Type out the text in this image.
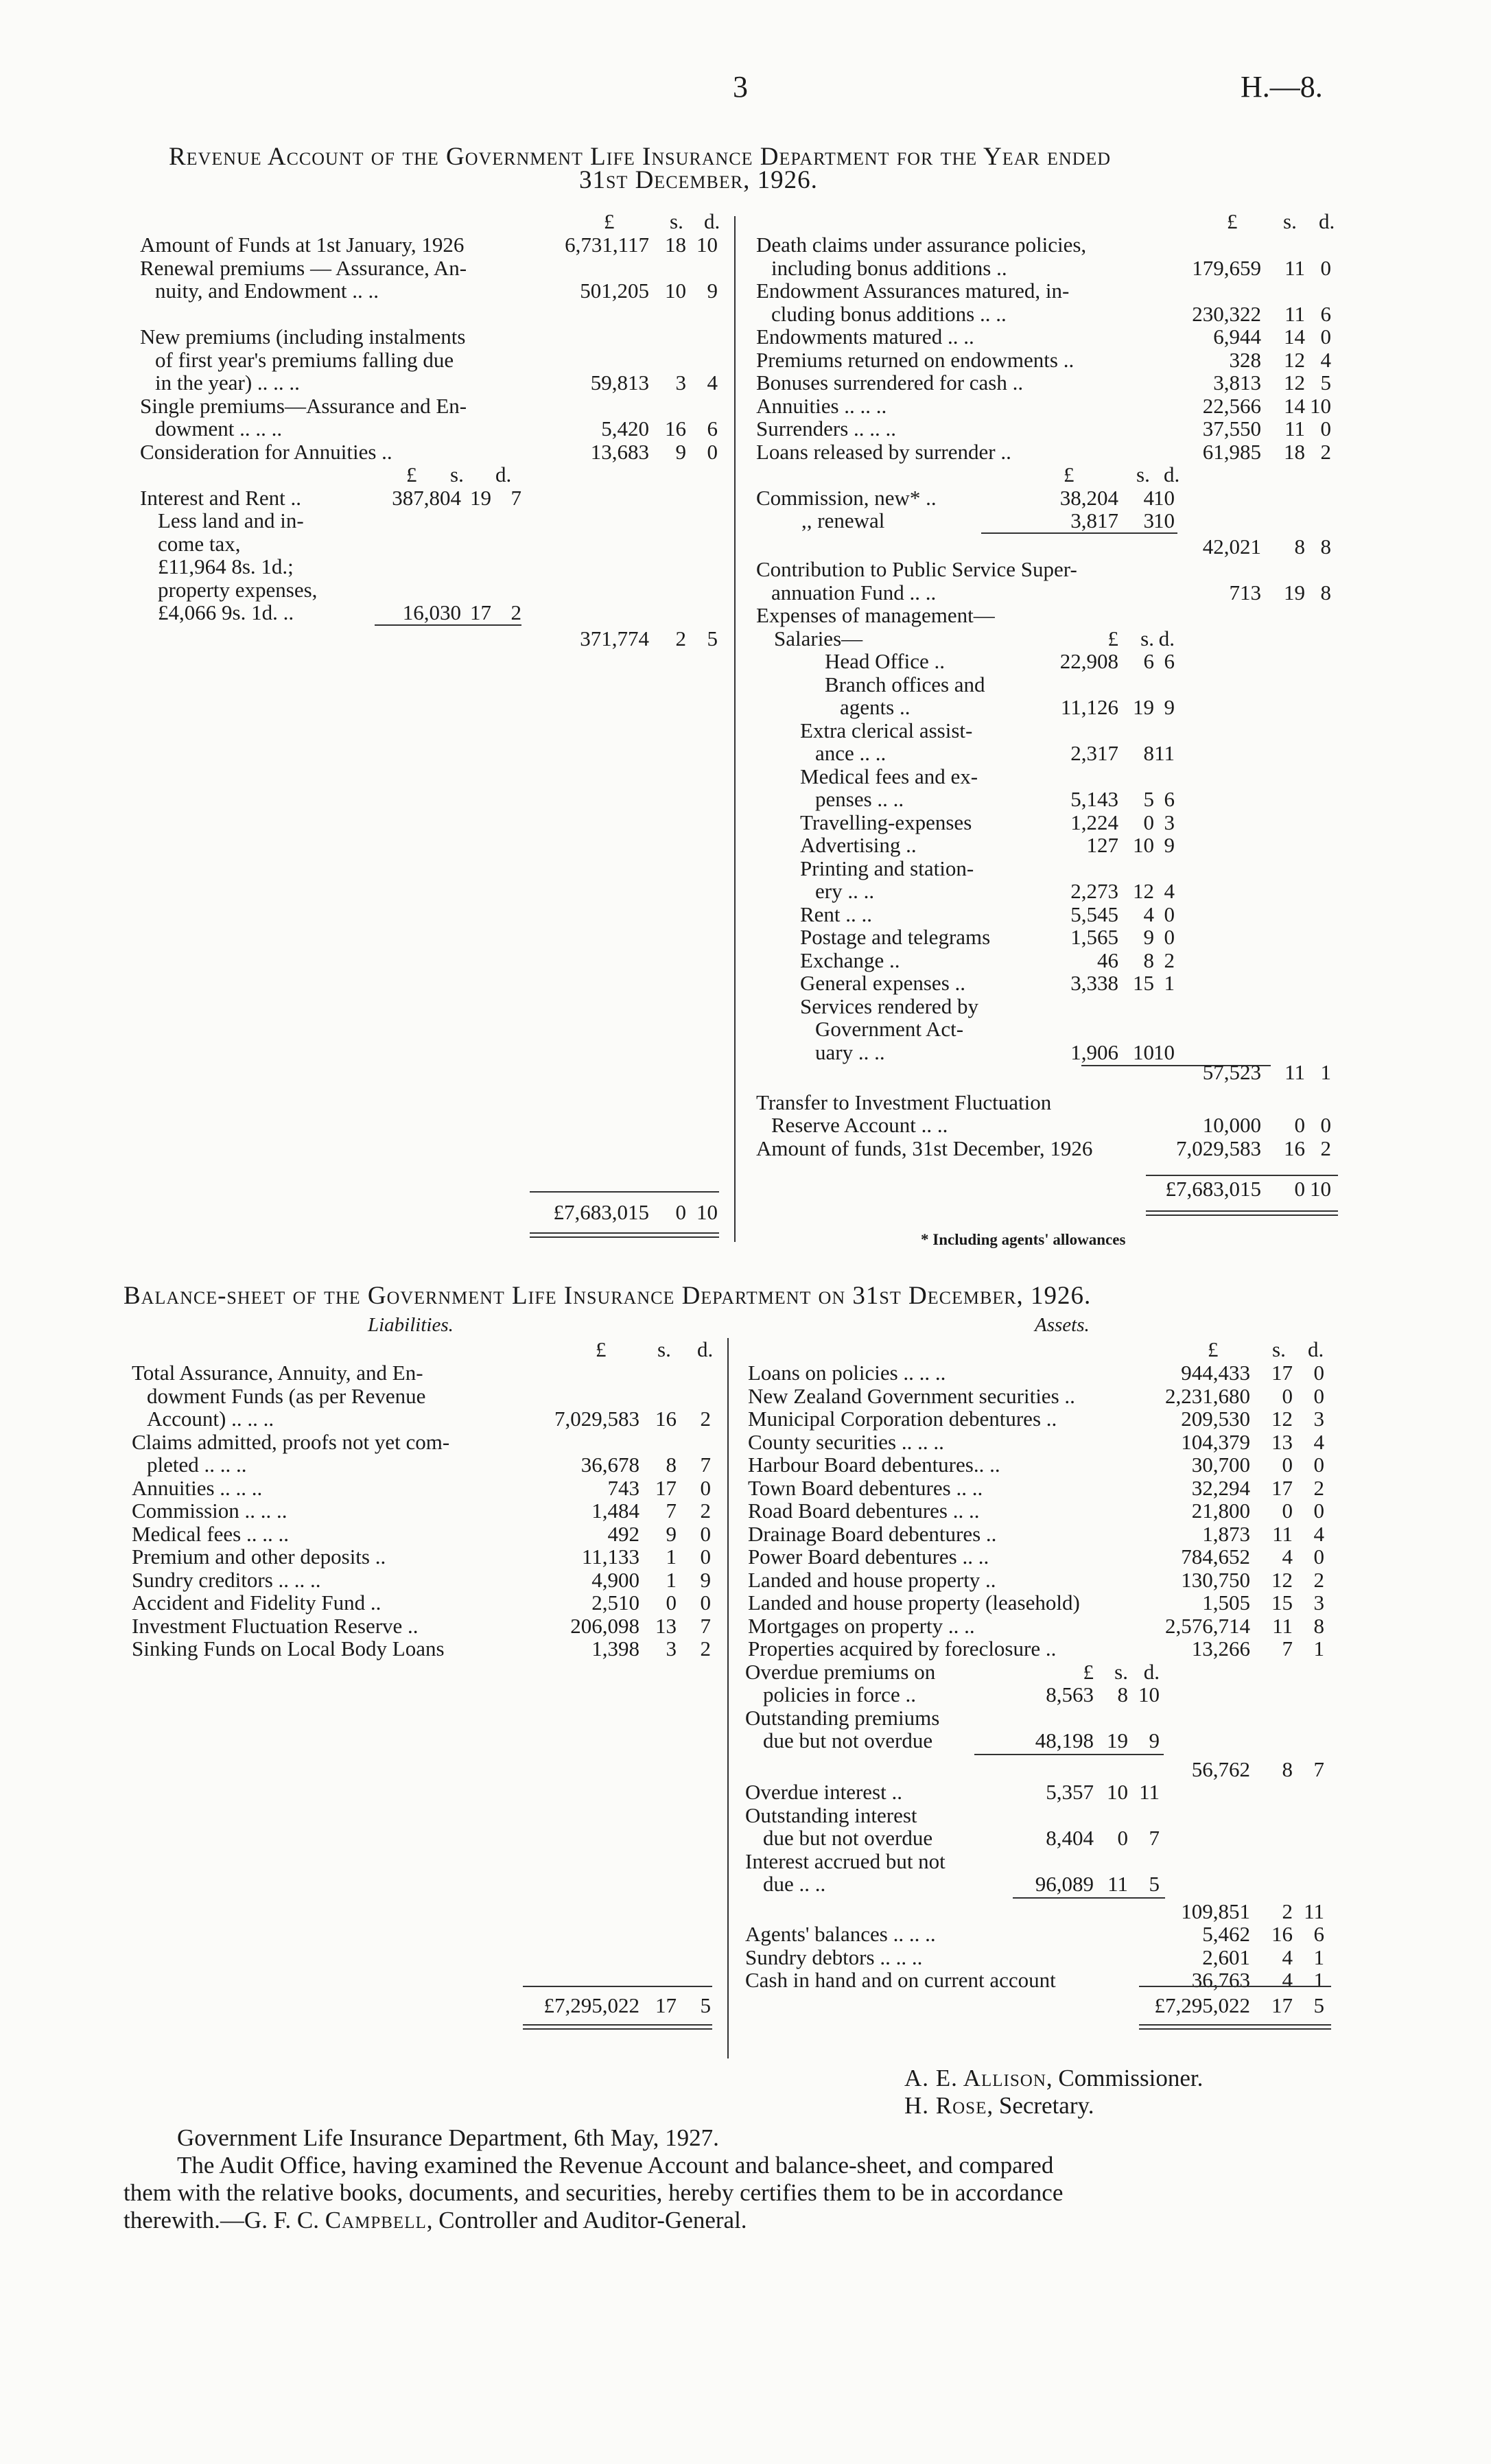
3	H.—8.
Revenue Account of the Government Life Insurance Department for the Year ended
31st December, 1926.
£	s. d.	£ s. d.
Amount of Funds at 1st January, 1926	6,731,117 18 10
Renewal premiums — Assurance, An-
nuity, and Endowment .. ..	501,205 10 9
New premiums (including instalments
of first year's premiums falling due
in the year) .. .. ..	59,813 3 4
Single premiums—Assurance and En-
dowment .. .. ..	5,420 16 6
Consideration for Annuities ..	13,683 9 0
£ s. d.
Interest and Rent ..	387,804 19 7
Less land and in-
come tax,
£11,964 8s. 1d.;
property expenses,
£4,066 9s. 1d. ..	16,030 17 2
371,774 2 5
£7,683,015 0 10
Death claims under assurance policies,
including bonus additions ..	179,659 11 0
Endowment Assurances matured, in-
cluding bonus additions .. ..	230,322 11 6
Endowments matured .. ..	6,944 14 0
Premiums returned on endowments ..	328 12 4
Bonuses surrendered for cash ..	3,813 12 5
Annuities .. .. ..	22,566 14 10
Surrenders .. .. ..	37,550 11 0
Loans released by surrender ..	61,985 18 2
£	s. d.
Commission, new* ..	38,204 4 10
,, renewal	3,817 3 10
42,021 8 8
Contribution to Public Service Super-
annuation Fund .. ..	713 19 8
Expenses of management—
Salaries—	£ s. d.
Head Office ..	22,908 6 6
Branch offices and
agents ..	11,126 19 9
Extra clerical assist-
ance .. ..	2,317 8 11
Medical fees and ex-
penses .. ..	5,143 5 6
Travelling-expenses	1,224 0 3
Advertising ..	127 10 9
Printing and station-
ery .. ..	2,273 12 4
Rent .. ..	5,545 4 0
Postage and telegrams	1,565 9 0
Exchange ..	46 8 2
General expenses ..	3,338 15 1
Services rendered by
Government Act-
uary .. ..	1,906 10 10
57,523 11 1
Transfer to Investment Fluctuation
Reserve Account .. ..	10,000 0 0
Amount of funds, 31st December, 1926	7,029,583 16 2
£7,683,015 0 10
* Including agents' allowances
Balance-sheet of the Government Life Insurance Department on 31st December, 1926.
Liabilities.	Assets.
£ s. d.	£	s. d.
Total Assurance, Annuity, and En-
dowment Funds (as per Revenue
Account) .. .. ..	7,029,583 16 2
Claims admitted, proofs not yet com-
pleted .. .. ..	36,678 8 7
Annuities .. .. ..	743 17 0
Commission .. .. ..	1,484 7 2
Medical fees .. .. ..	492 9 0
Premium and other deposits ..	11,133 1 0
Sundry creditors .. .. ..	4,900 1 9
Accident and Fidelity Fund ..	2,510 0 0
Investment Fluctuation Reserve ..	206,098 13 7
Sinking Funds on Local Body Loans	1,398 3 2
£7,295,022 17 5
Loans on policies .. .. ..	944,433 17 0
New Zealand Government securities ..	2,231,680 0 0
Municipal Corporation debentures ..	209,530 12 3
County securities .. .. ..	104,379 13 4
Harbour Board debentures.. ..	30,700 0 0
Town Board debentures .. ..	32,294 17 2
Road Board debentures .. ..	21,800 0 0
Drainage Board debentures ..	1,873 11 4
Power Board debentures .. ..	784,652 4 0
Landed and house property ..	130,750 12 2
Landed and house property (leasehold)	1,505 15 3
Mortgages on property .. ..	2,576,714 11 8
Properties acquired by foreclosure ..	13,266 7 1
Overdue premiums on	£ s. d.
policies in force ..	8,563 8 10
Outstanding premiums
due but not overdue	48,198 19 9
56,762 8 7
Overdue interest ..	5,357 10 11
Outstanding interest
due but not overdue	8,404 0 7
Interest accrued but not
due .. ..	96,089 11 5
109,851 2 11
Agents' balances .. .. ..	5,462 16 6
Sundry debtors .. .. ..	2,601 4 1
Cash in hand and on current account	36,763 4 1
£7,295,022 17 5
A. E. Allison, Commissioner.
H. Rose, Secretary.
Government Life Insurance Department, 6th May, 1927.
The Audit Office, having examined the Revenue Account and balance-sheet, and compared
them with the relative books, documents, and securities, hereby certifies them to be in accordance
therewith.—G. F. C. Campbell, Controller and Auditor-General.
